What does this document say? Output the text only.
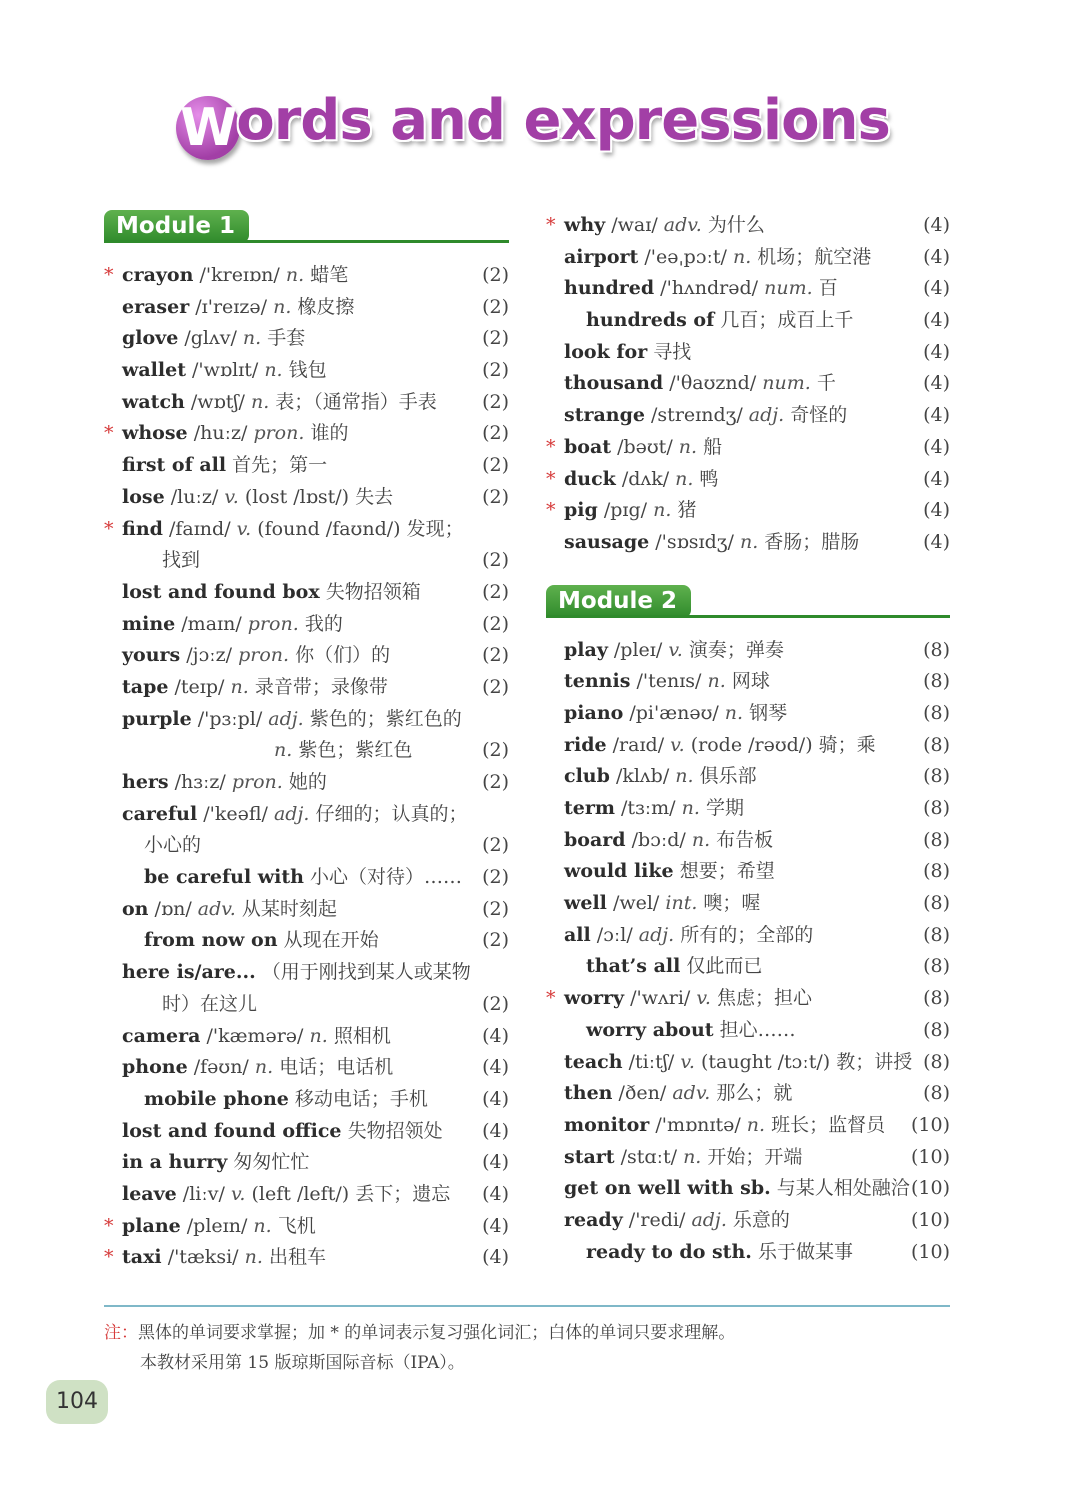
Words and expressions
Module 1
* crayon /'kreɪɒn/ n. 蜡笔	(2)
eraser /ɪ'reɪzə/ n. 橡皮擦	(2)
glove /glʌv/ n. 手套	(2)
wallet /'wɒlɪt/ n. 钱包	(2)
watch /wɒtʃ/ n. 表；（通常指）手表 (2)
* whose /huːz/ pron. 谁的	(2)
first of all 首先；第一	(2)
lose /luːz/ v. (lost /lɒst/) 失去	(2)
* find /faɪnd/ v. (found /faʊnd/) 发现；
找到	(2)
lost and found box 失物招领箱	(2)
mine /maɪn/ pron. 我的	(2)
yours /jɔːz/ pron. 你（们）的	(2)
tape /teɪp/ n. 录音带；录像带	(2)
purple /'pɜːpl/ adj. 紫色的；紫红色的
n. 紫色；紫红色	(2)
hers /hɜːz/ pron. 她的	(2)
careful /'keəfl/ adj. 仔细的；认真的；
小心的	(2)
be careful with 小心（对待）…… (2)
on /ɒn/ adv. 从某时刻起	(2)
from now on 从现在开始	(2)
here is/are... （用于刚找到某人或某物
时）在这儿	(2)
camera /'kæmərə/ n. 照相机	(4)
phone /fəʊn/ n. 电话；电话机	(4)
mobile phone 移动电话；手机	(4)
lost and found office 失物招领处 (4)
in a hurry 匆匆忙忙	(4)
leave /liːv/ v. (left /left/) 丢下；遗忘 (4)
* plane /pleɪn/ n. 飞机	(4)
* taxi /'tæksi/ n. 出租车	(4)
* why /waɪ/ adv. 为什么	(4)
airport /'eəˌpɔːt/ n. 机场；航空港	(4)
hundred /'hʌndrəd/ num. 百	(4)
hundreds of 几百；成百上千	(4)
look for 寻找	(4)
thousand /'θaʊznd/ num. 千	(4)
strange /streɪndʒ/ adj. 奇怪的	(4)
* boat /bəʊt/ n. 船	(4)
* duck /dʌk/ n. 鸭	(4)
* pig /pɪg/ n. 猪	(4)
sausage /'sɒsɪdʒ/ n. 香肠；腊肠	(4)
Module 2
play /pleɪ/ v. 演奏；弹奏	(8)
tennis /'tenɪs/ n. 网球	(8)
piano /pi'ænəʊ/ n. 钢琴	(8)
ride /raɪd/ v. (rode /rəʊd/) 骑；乘 (8)
club /klʌb/ n. 俱乐部	(8)
term /tɜːm/ n. 学期	(8)
board /bɔːd/ n. 布告板	(8)
would like 想要；希望	(8)
well /wel/ int. 噢；喔	(8)
all /ɔːl/ adj. 所有的；全部的	(8)
that’s all 仅此而已	(8)
* worry /'wʌri/ v. 焦虑；担心	(8)
worry about 担心……	(8)
teach /tiːtʃ/ v. (taught /tɔːt/) 教；讲授 (8)
then /ðen/ adv. 那么；就	(8)
monitor /'mɒnɪtə/ n. 班长；监督员 (10)
start /stɑːt/ n. 开始；开端	(10)
get on well with sb. 与某人相处融洽 (10)
ready /'redi/ adj. 乐意的	(10)
ready to do sth. 乐于做某事	(10)
注：黑体的单词要求掌握；加 * 的单词表示复习强化词汇；白体的单词只要求理解。
本教材采用第 15 版琼斯国际音标（IPA）。
104
